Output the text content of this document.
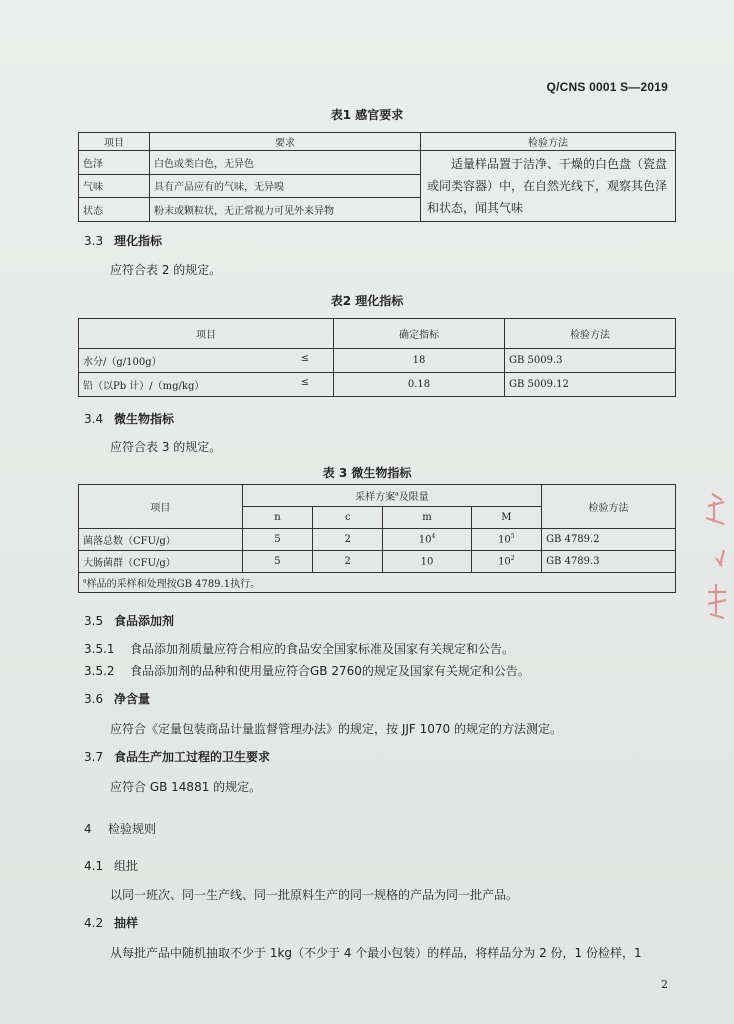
Q/CNS 0001 S—2019
表1 感官要求
项目	要求	检验方法
色泽	白色或类白色，无异色	适量样品置于洁净、干燥的白色盘（瓷盘或同类容器）中，在自然光线下，观察其色泽和状态，闻其气味
气味	具有产品应有的气味，无异嗅	
状态	粉末或颗粒状，无正常视力可见外来异物	
3.3 理化指标
应符合表 2 的规定。
表2 理化指标
项目	确定指标	检验方法
水分/（g/100g） ≤	18	GB 5009.3
铅（以Pb 计）/（mg/kg） ≤	0.18	GB 5009.12
3.4 微生物指标
应符合表 3 的规定。
表 3 微生物指标
项目	采样方案$^a$及限量				检验方法
	n	c	m	M	
菌落总数（CFU/g）	5	2	$10^4$	$10^5$	GB 4789.2
大肠菌群（CFU/g）	5	2	10	$10^2$	GB 4789.3
$^a$样品的采样和处理按GB 4789.1执行。					
3.5 食品添加剂
3.5.1 食品添加剂质量应符合相应的食品安全国家标准及国家有关规定和公告。
3.5.2 食品添加剂的品种和使用量应符合GB 2760的规定及国家有关规定和公告。
3.6 净含量
应符合《定量包装商品计量监督管理办法》的规定，按 JJF 1070 的规定的方法测定。
3.7 食品生产加工过程的卫生要求
应符合 GB 14881 的规定。
4 检验规则
4.1 组批
以同一班次、同一生产线、同一批原料生产的同一规格的产品为同一批产品。
4.2 抽样
从每批产品中随机抽取不少于 1kg（不少于 4 个最小包装）的样品，将样品分为 2 份，1 份检样，1
2
